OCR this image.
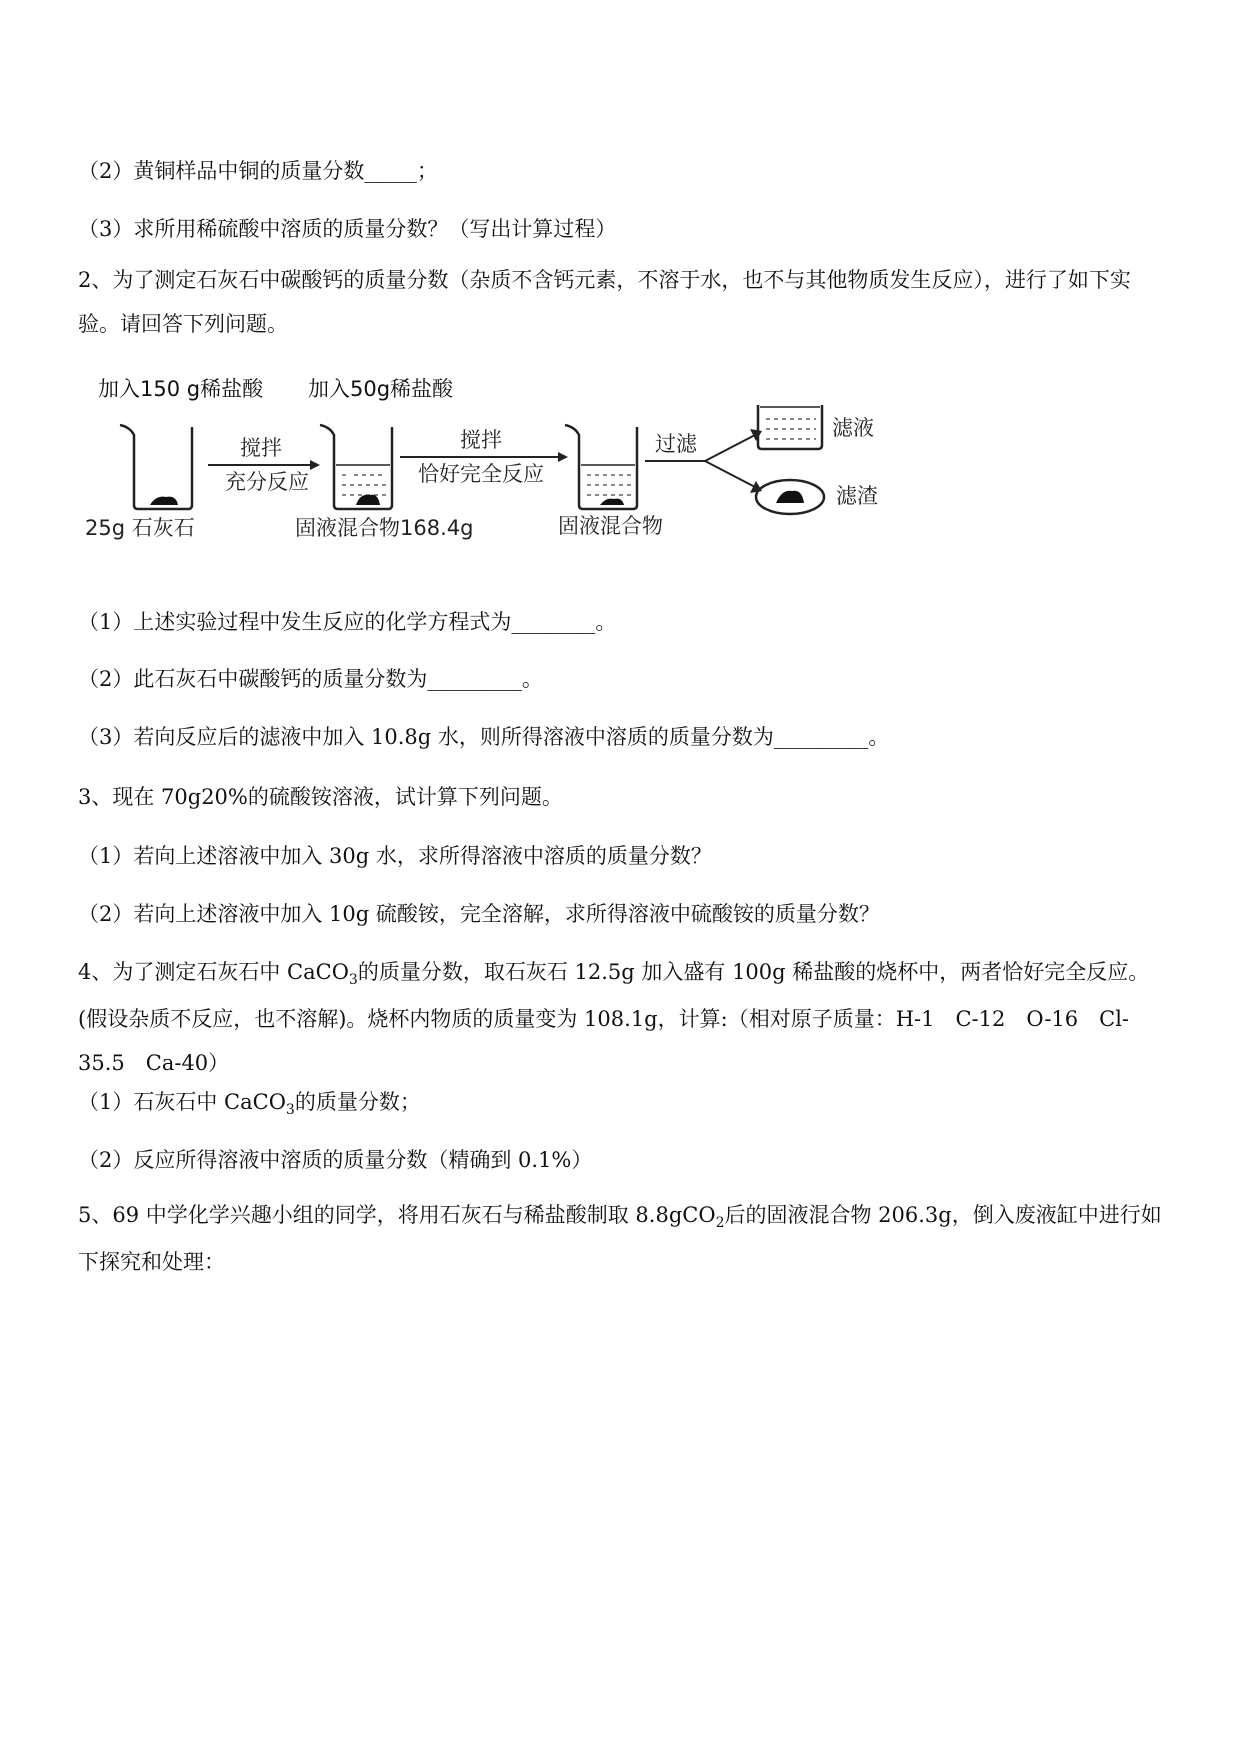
（2）黄铜样品中铜的质量分数_____；
（3）求所用稀硫酸中溶质的质量分数？（写出计算过程）
2、为了测定石灰石中碳酸钙的质量分数（杂质不含钙元素，不溶于水，也不与其他物质发生反应），进行了如下实验。请回答下列问题。
搅拌
充分反应
搅拌
恰好完全反应
过滤
滤液
滤渣
25g 石灰石	固液混合物168.4g	固液混合物
加入150 g稀盐酸	加入50g稀盐酸
（1）上述实验过程中发生反应的化学方程式为________。
（2）此石灰石中碳酸钙的质量分数为_________。
（3）若向反应后的滤液中加入 10.8g 水，则所得溶液中溶质的质量分数为_________。
3、现在 70g20%的硫酸铵溶液，试计算下列问题。
（1）若向上述溶液中加入 30g 水，求所得溶液中溶质的质量分数？
（2）若向上述溶液中加入 10g 硫酸铵，完全溶解，求所得溶液中硫酸铵的质量分数？
4、为了测定石灰石中 CaCO$_3$的质量分数，取石灰石 12.5g 加入盛有 100g 稀盐酸的烧杯中，两者恰好完全反应。(假设杂质不反应，也不溶解)。烧杯内物质的质量变为 108.1g，计算:（相对原子质量：H-1　C-12　O-16　Cl-35.5　Ca-40）
（1）石灰石中 CaCO$_3$的质量分数；
（2）反应所得溶液中溶质的质量分数（精确到 0.1%）
5、69 中学化学兴趣小组的同学，将用石灰石与稀盐酸制取 8.8gCO$_2$后的固液混合物 206.3g，倒入废液缸中进行如下探究和处理：
